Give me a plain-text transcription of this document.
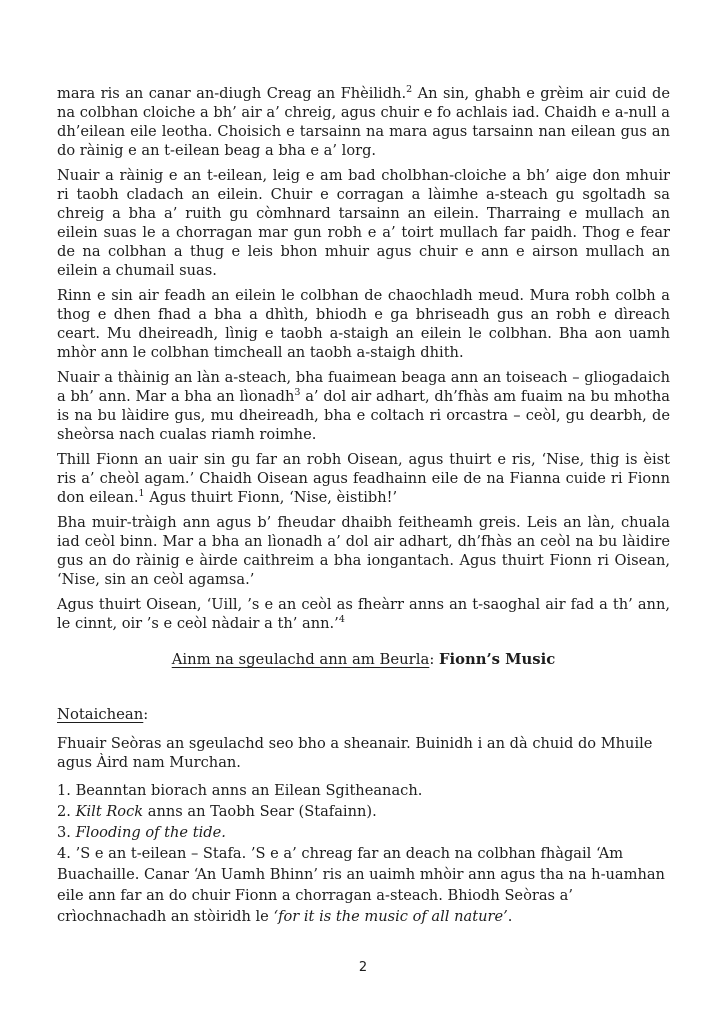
mara ris an canar an-diugh Creag an Fhèilidh.$^2$ An sin, ghabh e grèim air cuid de na colbhan cloiche a bh’ air a’ chreig, agus chuir e fo achlais iad. Chaidh e a-null a dh’eilean eile leotha. Choisich e tarsainn na mara agus tarsainn nan eilean gus an do ràinig e an t-eilean beag a bha e a’ lorg.

Nuair a ràinig e an t-eilean, leig e am bad cholbhan-cloiche a bh’ aige don mhuir ri taobh cladach an eilein. Chuir e corragan a làimhe a-steach gu sgoltadh sa chreig a bha a’ ruith gu còmhnard tarsainn an eilein. Tharraing e mullach an eilein suas le a chorragan mar gun robh e a’ toirt mullach far paidh. Thog e fear de na colbhan a thug e leis bhon mhuir agus chuir e ann e airson mullach an eilein a chumail suas.

Rinn e sin air feadh an eilein le colbhan de chaochladh meud. Mura robh colbh a thog e dhen fhad a bha a dhìth, bhiodh e ga bhriseadh gus an robh e dìreach ceart. Mu dheireadh, lìnig e taobh a-staigh an eilein le colbhan. Bha aon uamh mhòr ann le colbhan timcheall an taobh a-staigh dhith.

Nuair a thàinig an làn a-steach, bha fuaimean beaga ann an toiseach – gliogadaich a bh’ ann. Mar a bha an lìonadh$^3$ a’ dol air adhart, dh’fhàs am fuaim na bu mhotha is na bu làidire gus, mu dheireadh, bha e coltach ri orcastra – ceòl, gu dearbh, de sheòrsa nach cualas riamh roimhe.

Thill Fionn an uair sin gu far an robh Oisean, agus thuirt e ris, ‘Nise, thig is èist ris a’ cheòl agam.’ Chaidh Oisean agus feadhainn eile de na Fianna cuide ri Fionn don eilean.$^1$ Agus thuirt Fionn, ‘Nise, èistibh!’

Bha muir-tràigh ann agus b’ fheudar dhaibh feitheamh greis. Leis an làn, chuala iad ceòl binn. Mar a bha an lìonadh a’ dol air adhart, dh’fhàs an ceòl na bu làidire gus an do ràinig e àirde caithreim a bha iongantach. Agus thuirt Fionn ri Oisean, ‘Nise, sin an ceòl agamsa.’

Agus thuirt Oisean, ‘Uill, ’s e an ceòl as fheàrr anns an t-saoghal air fad a th’ ann, le cinnt, oir ’s e ceòl nàdair a th’ ann.’$^4$

Ainm na sgeulachd ann am Beurla: Fionn’s Music
Notaichean:

Fhuair Seòras an sgeulachd seo bho a sheanair. Buinidh i an dà chuid do Mhuile agus Àird nam Murchan.

1. Beanntan biorach anns an Eilean Sgitheanach.

2. Kilt Rock anns an Taobh Sear (Stafainn).

3. Flooding of the tide.

4. ’S e an t-eilean – Stafa. ’S e a’ chreag far an deach na colbhan fhàgail ‘Am Buachaille. Canar ‘An Uamh Bhinn’ ris an uaimh mhòir ann agus tha na h-uamhan eile ann far an do chuir Fionn a chorragan a-steach. Bhiodh Seòras a’ crìochnachadh an stòiridh le ‘for it is the music of all nature’.

2
